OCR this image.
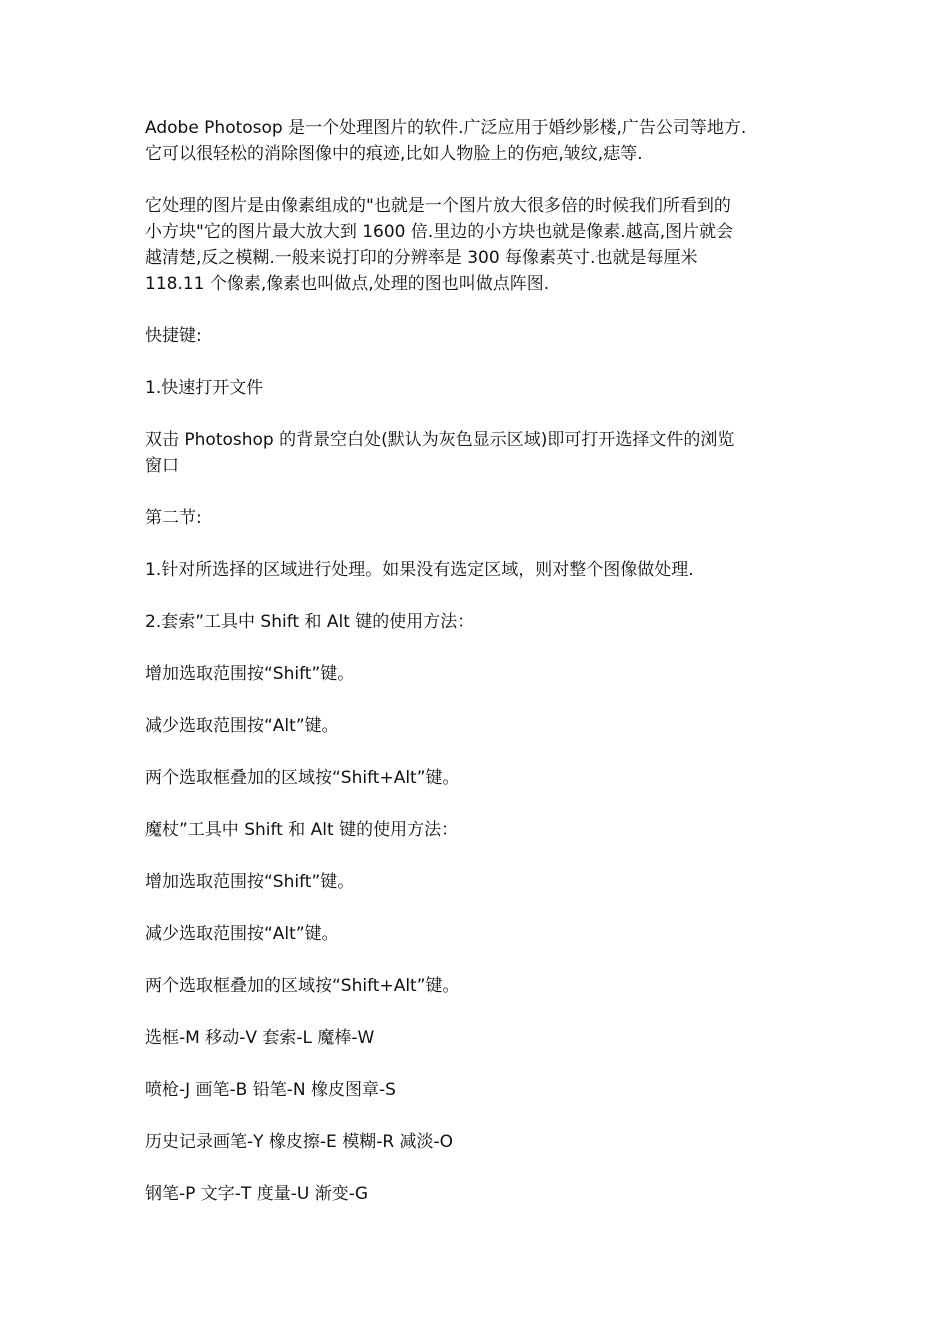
Adobe Photosop 是一个处理图片的软件.广泛应用于婚纱影楼,广告公司等地方.
它可以很轻松的消除图像中的痕迹,比如人物脸上的伤疤,皱纹,痣等.

它处理的图片是由像素组成的"也就是一个图片放大很多倍的时候我们所看到的
小方块"它的图片最大放大到 1600 倍.里边的小方块也就是像素.越高,图片就会
越清楚,反之模糊.一般来说打印的分辨率是 300 每像素英寸.也就是每厘米
118.11 个像素,像素也叫做点,处理的图也叫做点阵图.

快捷键:

1.快速打开文件

双击 Photoshop 的背景空白处(默认为灰色显示区域)即可打开选择文件的浏览
窗口

第二节:

1.针对所选择的区域进行处理。如果没有选定区域，则对整个图像做处理.

2.套索”工具中 Shift 和 Alt 键的使用方法：

增加选取范围按“Shift”键。

减少选取范围按“Alt”键。

两个选取框叠加的区域按“Shift+Alt”键。

魔杖”工具中 Shift 和 Alt 键的使用方法：

增加选取范围按“Shift”键。

减少选取范围按“Alt”键。

两个选取框叠加的区域按“Shift+Alt”键。

选框-M 移动-V 套索-L 魔棒-W

喷枪-J 画笔-B 铅笔-N 橡皮图章-S

历史记录画笔-Y 橡皮擦-E 模糊-R 减淡-O

钢笔-P 文字-T 度量-U 渐变-G
